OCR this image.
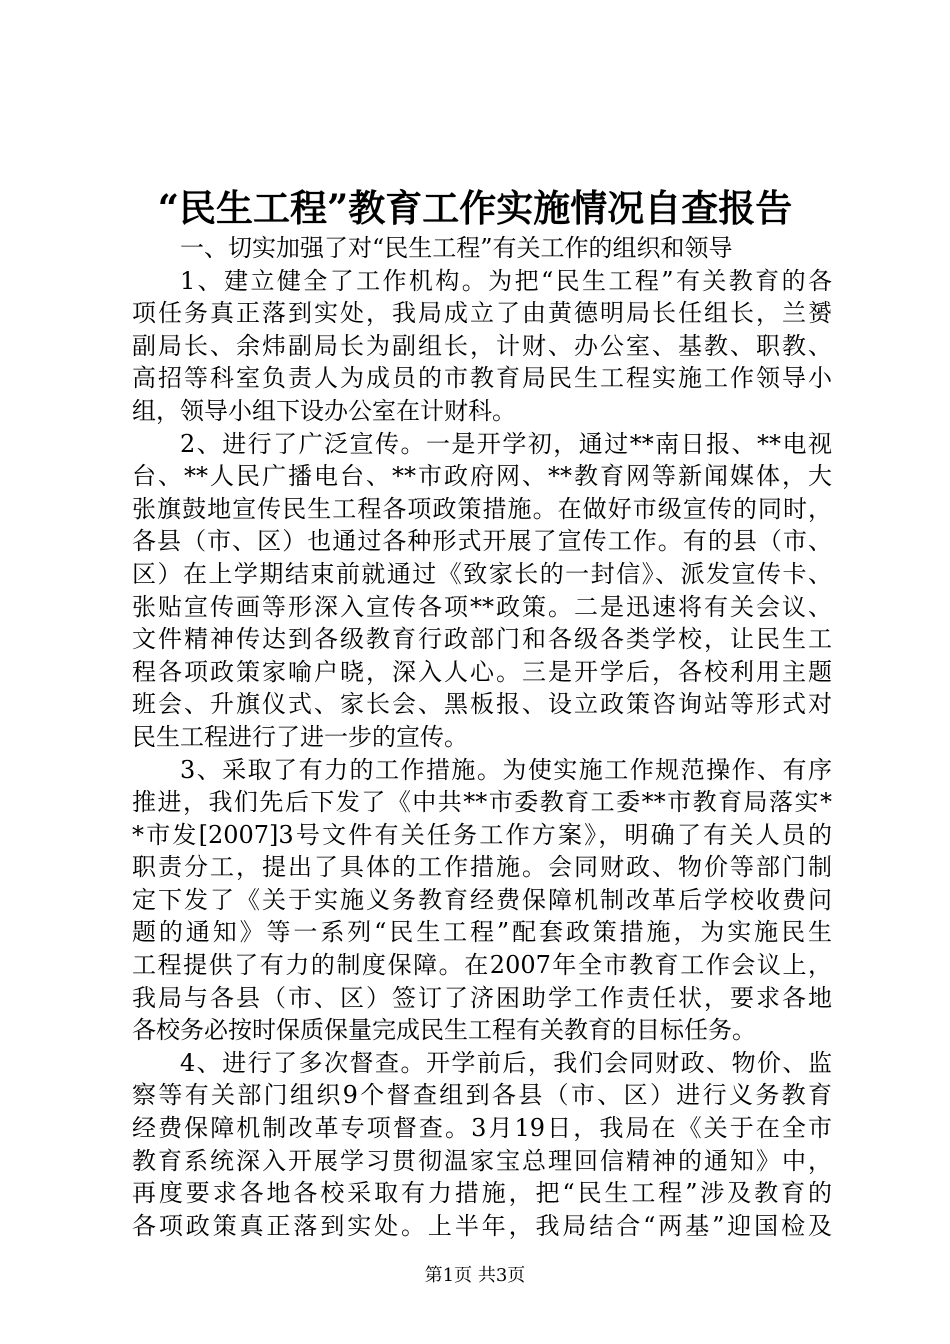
“民生工程”教育工作实施情况自查报告
一、切实加强了对“民生工程”有关工作的组织和领导
1、建立健全了工作机构。为把“民生工程”有关教育的各
项任务真正落到实处，我局成立了由黄德明局长任组长，兰赟
副局长、余炜副局长为副组长，计财、办公室、基教、职教、
高招等科室负责人为成员的市教育局民生工程实施工作领导小
组，领导小组下设办公室在计财科。
2、进行了广泛宣传。一是开学初，通过**南日报、**电视
台、**人民广播电台、**市政府网、**教育网等新闻媒体，大
张旗鼓地宣传民生工程各项政策措施。在做好市级宣传的同时，
各县（市、区）也通过各种形式开展了宣传工作。有的县（市、
区）在上学期结束前就通过《致家长的一封信》、派发宣传卡、
张贴宣传画等形深入宣传各项**政策。二是迅速将有关会议、
文件精神传达到各级教育行政部门和各级各类学校，让民生工
程各项政策家喻户晓，深入人心。三是开学后，各校利用主题
班会、升旗仪式、家长会、黑板报、设立政策咨询站等形式对
民生工程进行了进一步的宣传。
3、采取了有力的工作措施。为使实施工作规范操作、有序
推进，我们先后下发了《中共**市委教育工委**市教育局落实*
*市发[2007]3号文件有关任务工作方案》，明确了有关人员的
职责分工，提出了具体的工作措施。会同财政、物价等部门制
定下发了《关于实施义务教育经费保障机制改革后学校收费问
题的通知》等一系列“民生工程”配套政策措施，为实施民生
工程提供了有力的制度保障。在2007年全市教育工作会议上，
我局与各县（市、区）签订了济困助学工作责任状，要求各地
各校务必按时保质保量完成民生工程有关教育的目标任务。
4、进行了多次督查。开学前后，我们会同财政、物价、监
察等有关部门组织9个督查组到各县（市、区）进行义务教育
经费保障机制改革专项督查。3月19日，我局在《关于在全市
教育系统深入开展学习贯彻温家宝总理回信精神的通知》中，
再度要求各地各校采取有力措施，把“民生工程”涉及教育的
各项政策真正落到实处。上半年，我局结合“两基”迎国检及
第1页 共3页
